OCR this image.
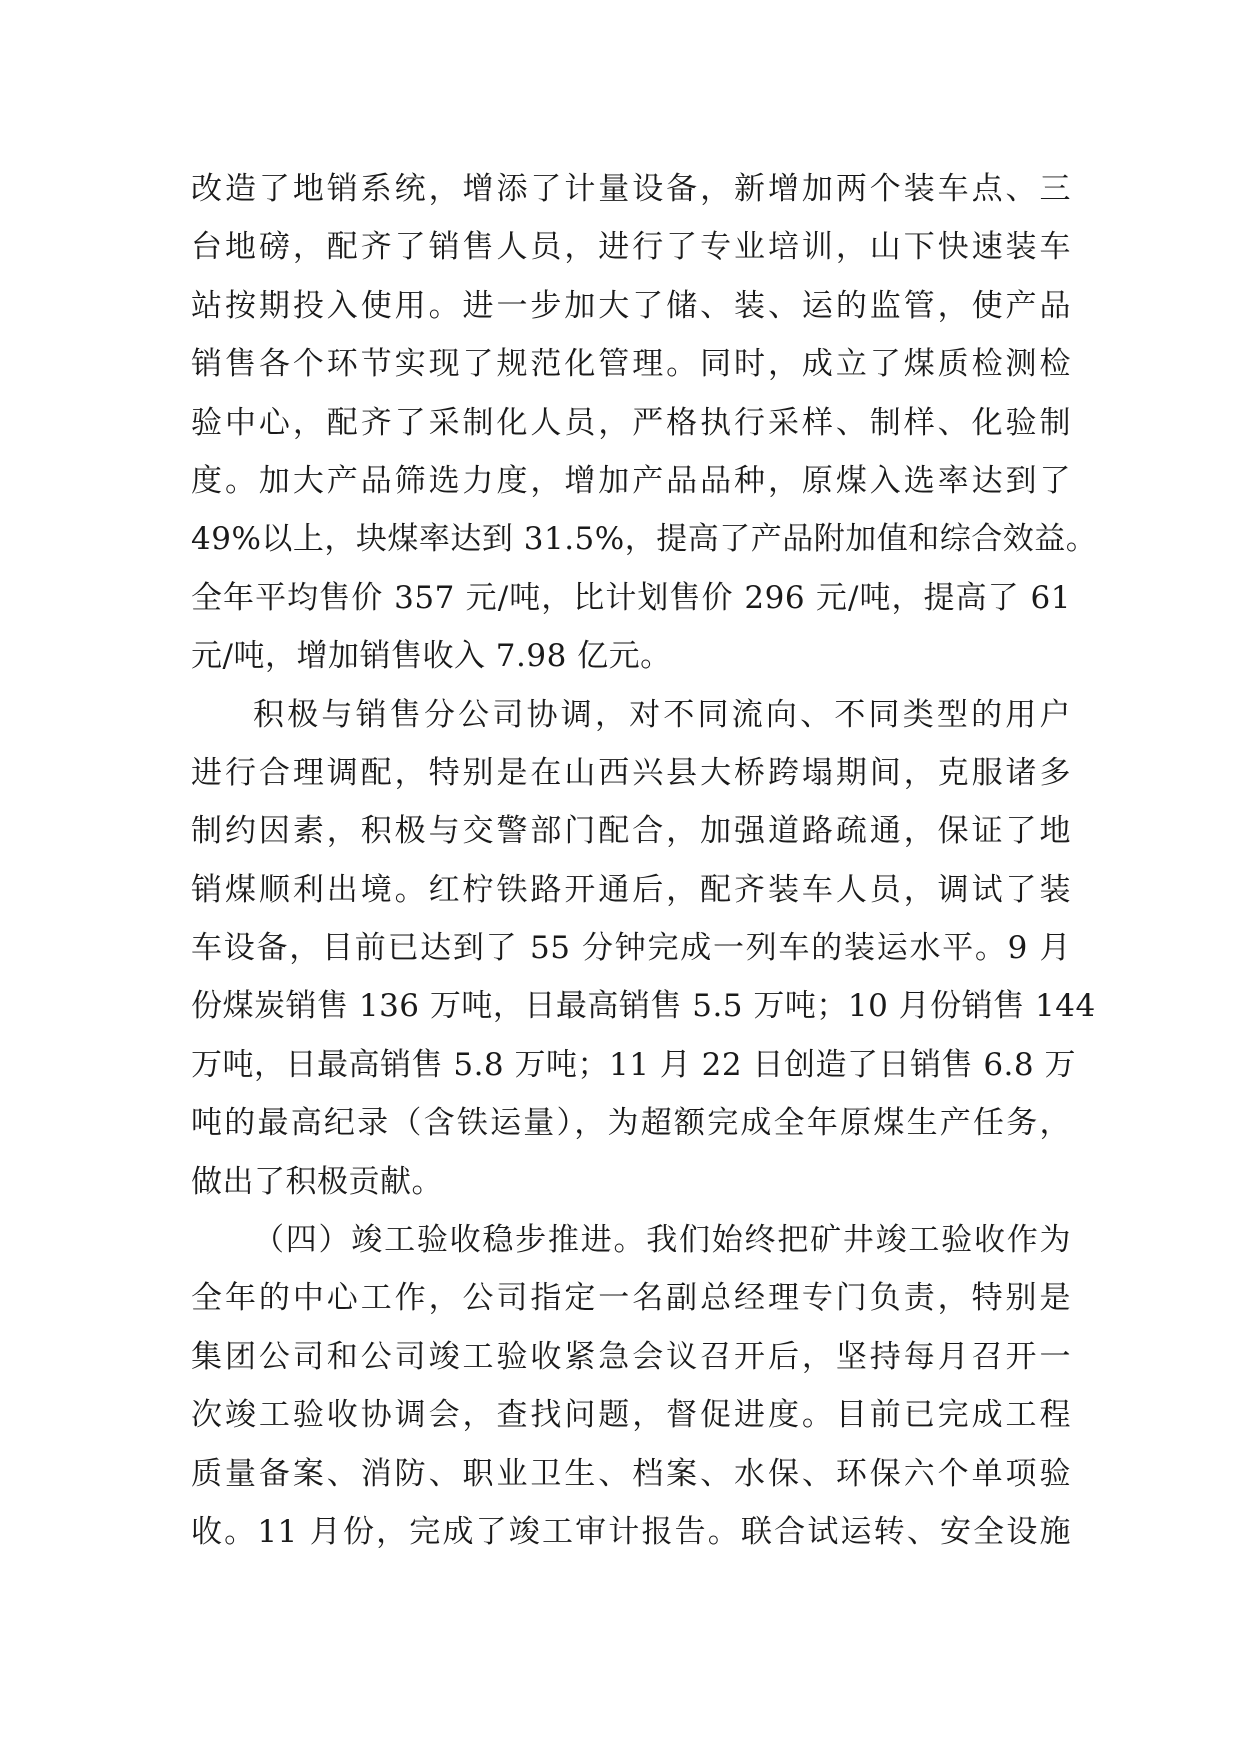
改造了地销系统，增添了计量设备，新增加两个装车点、三
台地磅，配齐了销售人员，进行了专业培训，山下快速装车
站按期投入使用。进一步加大了储、装、运的监管，使产品
销售各个环节实现了规范化管理。同时，成立了煤质检测检
验中心，配齐了采制化人员，严格执行采样、制样、化验制
度。加大产品筛选力度，增加产品品种，原煤入选率达到了
49%以上，块煤率达到 31.5%，提高了产品附加值和综合效益。
全年平均售价 357 元/吨，比计划售价 296 元/吨，提高了 61
元/吨，增加销售收入 7.98 亿元。
积极与销售分公司协调，对不同流向、不同类型的用户
进行合理调配，特别是在山西兴县大桥跨塌期间，克服诸多
制约因素，积极与交警部门配合，加强道路疏通，保证了地
销煤顺利出境。红柠铁路开通后，配齐装车人员，调试了装
车设备，目前已达到了 55 分钟完成一列车的装运水平。9 月
份煤炭销售 136 万吨，日最高销售 5.5 万吨；10 月份销售 144
万吨，日最高销售 5.8 万吨；11 月 22 日创造了日销售 6.8 万
吨的最高纪录（含铁运量），为超额完成全年原煤生产任务，
做出了积极贡献。
（四）竣工验收稳步推进。我们始终把矿井竣工验收作为
全年的中心工作，公司指定一名副总经理专门负责，特别是
集团公司和公司竣工验收紧急会议召开后，坚持每月召开一
次竣工验收协调会，查找问题，督促进度。目前已完成工程
质量备案、消防、职业卫生、档案、水保、环保六个单项验
收。11 月份，完成了竣工审计报告。联合试运转、安全设施
